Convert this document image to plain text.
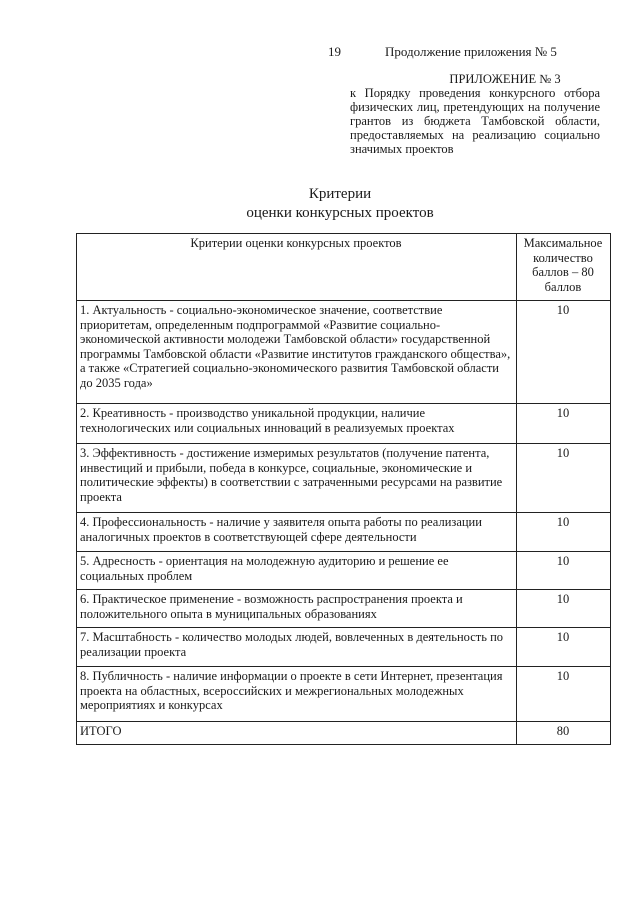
19	Продолжение приложения № 5
ПРИЛОЖЕНИЕ № 3
к Порядку проведения конкурсного отбора физических лиц, претендующих на получение грантов из бюджета Тамбовской области, предоставляемых на реализацию социально значимых проектов
Критерии
оценки конкурсных проектов
Критерии оценки конкурсных проектов	Максимальное количество баллов – 80 баллов
1. Актуальность - социально-экономическое значение, соответствие приоритетам, определенным подпрограммой «Развитие социально-экономической активности молодежи Тамбовской области» государственной программы Тамбовской области «Развитие институтов гражданского общества», а также «Стратегией социально-экономического развития Тамбовской области до 2035 года»	10
2. Креативность - производство уникальной продукции, наличие технологических или социальных инноваций в реализуемых проектах	10
3. Эффективность - достижение измеримых результатов (получение патента, инвестиций и прибыли, победа в конкурсе, социальные, экономические и политические эффекты) в соответствии с затраченными ресурсами на развитие проекта	10
4. Профессиональность - наличие у заявителя опыта работы по реализации аналогичных проектов в соответствующей сфере деятельности	10
5. Адресность - ориентация на молодежную аудиторию и решение ее социальных проблем	10
6. Практическое применение - возможность распространения проекта и положительного опыта в муниципальных образованиях	10
7. Масштабность - количество молодых людей, вовлеченных в деятельность по реализации проекта	10
8. Публичность - наличие информации о проекте в сети Интернет, презентация проекта на областных, всероссийских и межрегиональных молодежных мероприятиях и конкурсах	10
ИТОГО	80
